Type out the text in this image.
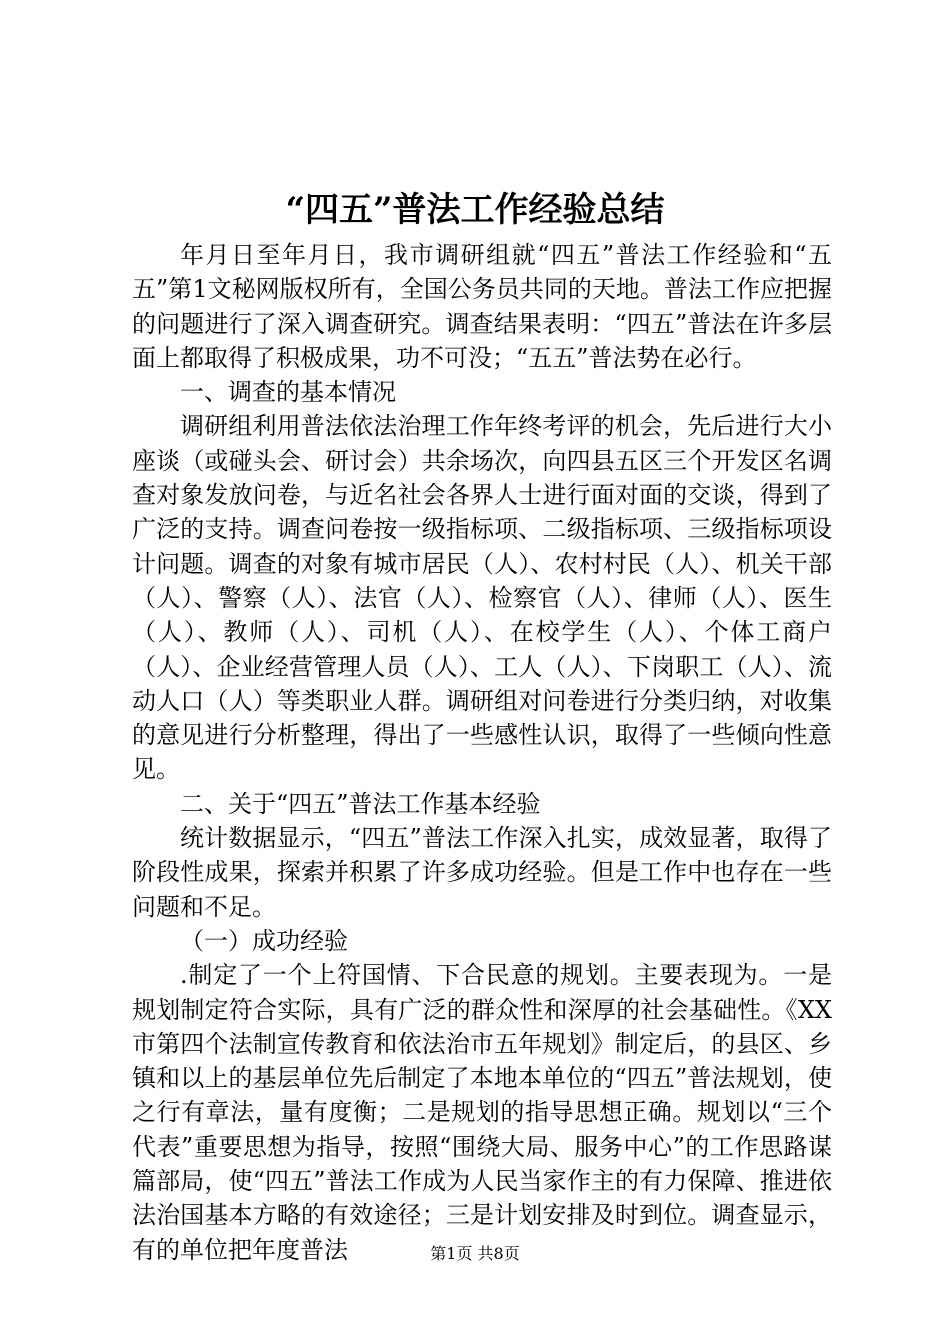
“四五”普法工作经验总结

年月日至年月日，我市调研组就“四五”普法工作经验和“五五”第1文秘网版权所有，全国公务员共同的天地。普法工作应把握的问题进行了深入调查研究。调查结果表明：“四五”普法在许多层面上都取得了积极成果，功不可没；“五五”普法势在必行。

一、调查的基本情况

调研组利用普法依法治理工作年终考评的机会，先后进行大小座谈（或碰头会、研讨会）共余场次，向四县五区三个开发区名调查对象发放问卷，与近名社会各界人士进行面对面的交谈，得到了广泛的支持。调查问卷按一级指标项、二级指标项、三级指标项设计问题。调查的对象有城市居民（人）、农村村民（人）、机关干部（人）、警察（人）、法官（人）、检察官（人）、律师（人）、医生（人）、教师（人）、司机（人）、在校学生（人）、个体工商户（人）、企业经营管理人员（人）、工人（人）、下岗职工（人）、流动人口（人）等类职业人群。调研组对问卷进行分类归纳，对收集的意见进行分析整理，得出了一些感性认识，取得了一些倾向性意见。

二、关于“四五”普法工作基本经验

统计数据显示，“四五”普法工作深入扎实，成效显著，取得了阶段性成果，探索并积累了许多成功经验。但是工作中也存在一些问题和不足。

（一）成功经验

.制定了一个上符国情、下合民意的规划。主要表现为。一是规划制定符合实际，具有广泛的群众性和深厚的社会基础性。《XX市第四个法制宣传教育和依法治市五年规划》制定后，的县区、乡镇和以上的基层单位先后制定了本地本单位的“四五”普法规划，使之行有章法，量有度衡；二是规划的指导思想正确。规划以“三个代表”重要思想为指导，按照“围绕大局、服务中心”的工作思路谋篇部局，使“四五”普法工作成为人民当家作主的有力保障、推进依法治国基本方略的有效途径；三是计划安排及时到位。调查显示，有的单位把年度普法	第1页 共8页
